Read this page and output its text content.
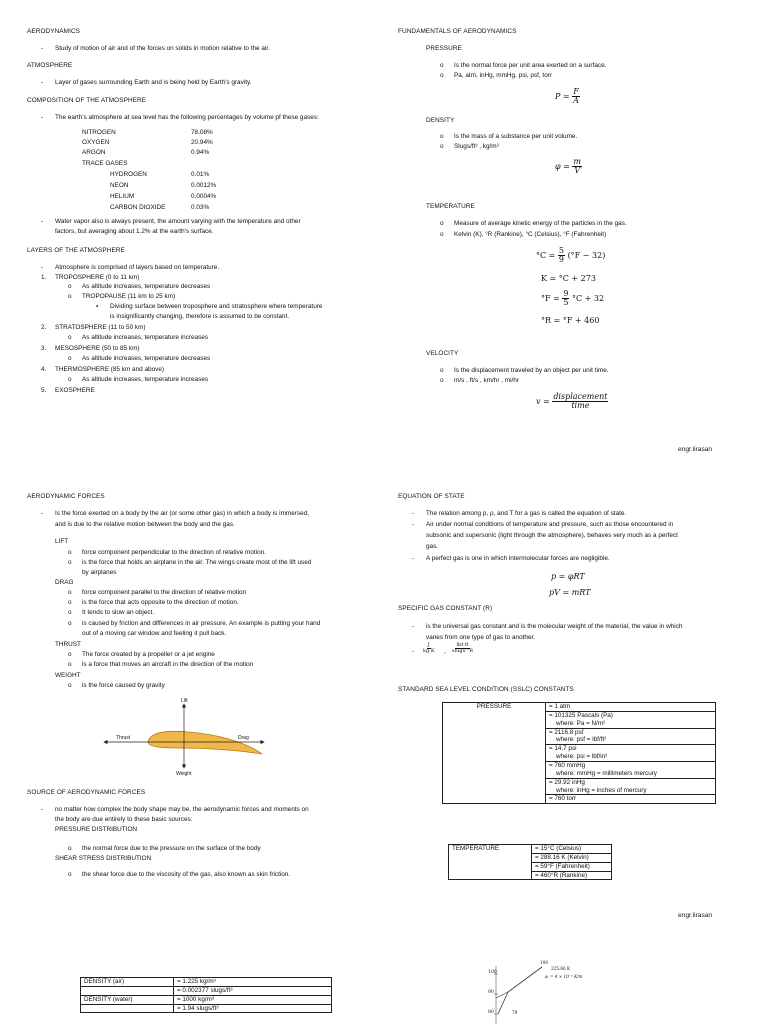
AERODYNAMICS
- Study of motion of air and of the forces on solids in motion relative to the air.
ATMOSPHERE
- Layer of gases surrounding Earth and is being held by Earth's gravity.
COMPOSITION OF THE ATMOSPHERE
- The earth's atmosphere at sea level has the following percentages by volume pf these gases:
NITROGEN	78.08%
OXYGEN	20.94%
ARGON	0.94%
TRACE GASES
HYDROGEN	0.01%
NEON	0.0012%
HELIUM	0.0004%
CARBON DIOXIDE	0.03%
- Water vapor also is always present, the amount varying with the temperature and other
factors, but averaging about 1.2% at the earth's surface.
LAYERS OF THE ATMOSPHERE
- Atmosphere is comprised of layers based on temperature.
1. TROPOSPHERE (0 to 11 km)
o As altitude increases, temperature decreases
o TROPOPAUSE (11 km to 25 km)
▪ Dividing surface between troposphere and stratosphere where temperature
is insignificantly changing, therefore is assumed to be constant.
2. STRATOSPHERE (11 to 50 km)
o As altitude increases, temperature increases
3. MESOSPHERE (50 to 85 km)
o As altitude increases, temperature decreases
4. THERMOSPHERE (85 km and above)
o As altitude increases, temperature increases
5. EXOSPHERE
FUNDAMENTALS OF AERODYNAMICS
PRESSURE
o Is the normal force per unit area exerted on a surface.
o Pa, atm, inHg, mmHg, psi, psf, torr
$P = \frac{F}{A}$
DENSITY
o Is the mass of a substance per unit volume.
o Slugs/ft³ , kg/m³
$\varphi = \frac{m}{V}$
TEMPERATURE
o Measure of average kinetic energy of the particles in the gas.
o Kelvin (K), °R (Rankine), °C (Celsius), °F (Fahrenheit)
$^\circ C = \frac{5}{9} (^\circ F - 32)$
K = °C + 273
$^\circ F = \frac{9}{5} ^\circ C + 32$
°R = °F + 460
VELOCITY
o Is the displacement traveled by an object per unit time.
o m/s , ft/s , km/hr , mi/hr
$v = \frac{\text{displacement}}{\text{time}}$
engr.lirasan
AERODYNAMIC FORCES
- Is the force exerted on a body by the air (or some other gas) in which a body is immersed,
and is due to the relative motion between the body and the gas.
LIFT
o force component perpendicular to the direction of relative motion.
o is the force that holds an airplane in the air. The wings create most of the lift used
by airplanes
DRAG
o force component parallel to the direction of relative motion
o is the force that acts opposite to the direction of motion.
o It tends to slow an object.
o is caused by friction and differences in air pressure. An example is putting your hand
out of a moving car window and feeling it pull back.
THRUST
o The force created by a propeller or a jet engine
o is a force that moves an aircraft in the direction of the motion
WEIGHT
o is the force caused by gravity
Lift
Thrust	Drag
Weight
SOURCE OF AERODYNAMIC FORCES
- no matter how complex the body shape may be, the aerodynamic forces and moments on
the body are due entirely to these basic sources:
PRESSURE DISTRIBUTION
o the normal force due to the pressure on the surface of the body
SHEAR STRESS DISTRIBUTION
o the shear force due to the viscosity of the gas, also known as skin friction.
EQUATION OF STATE
- The relation among p, ρ, and T for a gas is called the equation of state.
- Air under normal conditions of temperature and pressure, such as those encountered in
subsonic and supersonic (light through the atmosphere), behaves very much as a perfect
gas.
- A perfect gas is one in which intermolecular forces are negligible.
p = φRT
pV = mRT
SPECIFIC GAS CONSTANT (R)
- is the universal gas constant and is the molecular weight of the material, the value in which
varies from one type of gas to another.
- $\frac{J}{kg\cdot K}$ , $\frac{\text{lbf·ft}}{\text{slugs·°R}}$
STANDARD SEA LEVEL CONDITION (SSLC) CONSTANTS
PRESSURE	= 1 atm
= 101325 Pascals (Pa)
where: Pa = N/m²
= 2116.8 psf
where: psf = lbf/ft²
= 14.7 psi
where: psi = lbf/in²
= 760 mmHg
where: mmHg = millimeters mercury
= 29.92 inHg
where: inHg = inches of mercury
= 760 torr
TEMPERATURE	= 15°C (Celsius)
= 288.16 K (Kelvin)
= 59°F (Fahrenheit)
= 460°R (Rankine)
engr.lirasan
DENSITY (air)	= 1.225 kg/m³
	= 0.002377 slugs/ft³
DENSITY (water)	= 1000 kg/m³
	= 1.94 slugs/ft³
100
90
80
100
225.66 K
aₜ = 4 × 10⁻³ K/m
79
